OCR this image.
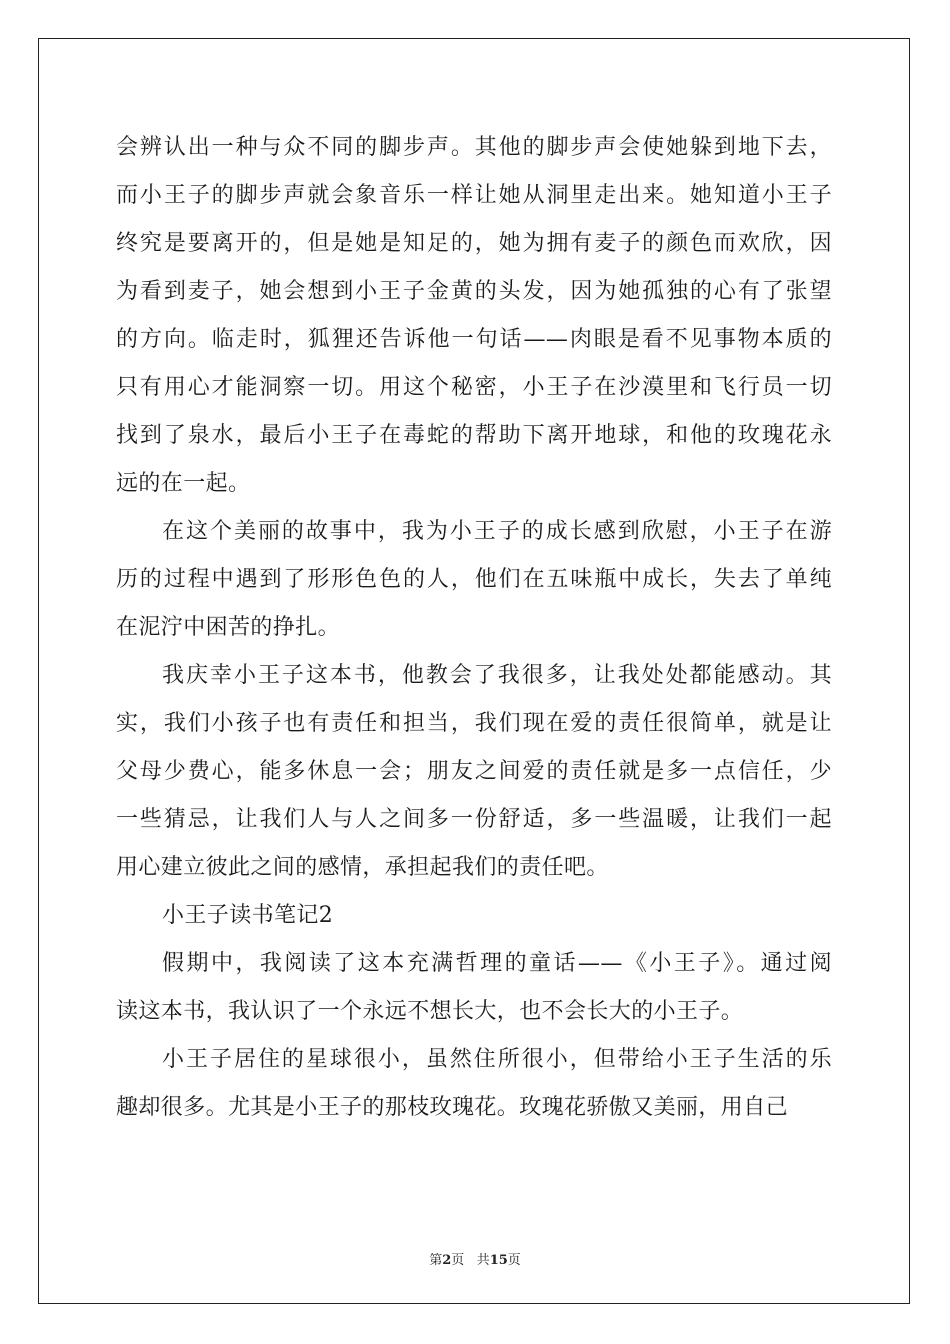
会辨认出一种与众不同的脚步声。其他的脚步声会使她躲到地下去，
而小王子的脚步声就会象音乐一样让她从洞里走出来。她知道小王子
终究是要离开的，但是她是知足的，她为拥有麦子的颜色而欢欣，因
为看到麦子，她会想到小王子金黄的头发，因为她孤独的心有了张望
的方向。临走时，狐狸还告诉他一句话——肉眼是看不见事物本质的
只有用心才能洞察一切。用这个秘密，小王子在沙漠里和飞行员一切
找到了泉水，最后小王子在毒蛇的帮助下离开地球，和他的玫瑰花永
远的在一起。
在这个美丽的故事中，我为小王子的成长感到欣慰，小王子在游
历的过程中遇到了形形色色的人，他们在五味瓶中成长，失去了单纯
在泥泞中困苦的挣扎。
我庆幸小王子这本书，他教会了我很多，让我处处都能感动。其
实，我们小孩子也有责任和担当，我们现在爱的责任很简单，就是让
父母少费心，能多休息一会；朋友之间爱的责任就是多一点信任，少
一些猜忌，让我们人与人之间多一份舒适，多一些温暖，让我们一起
用心建立彼此之间的感情，承担起我们的责任吧。
小王子读书笔记2
假期中，我阅读了这本充满哲理的童话——《小王子》。通过阅
读这本书，我认识了一个永远不想长大，也不会长大的小王子。
小王子居住的星球很小，虽然住所很小，但带给小王子生活的乐
趣却很多。尤其是小王子的那枝玫瑰花。玫瑰花骄傲又美丽，用自己
第2页 共15页
